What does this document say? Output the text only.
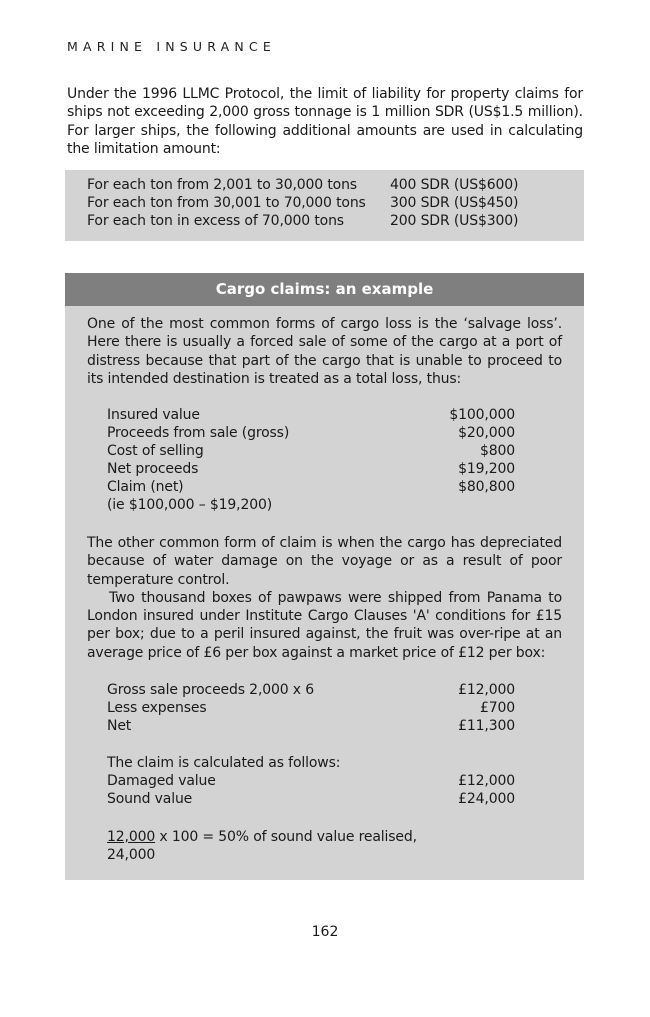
MARINE INSURANCE
Under the 1996 LLMC Protocol, the limit of liability for property claims for ships not exceeding 2,000 gross tonnage is 1 million SDR (US$1.5 million). For larger ships, the following additional amounts are used in calculating the limitation amount:
For each ton from 2,001 to 30,000 tons 400 SDR (US$600)
For each ton from 30,001 to 70,000 tons 300 SDR (US$450)
For each ton in excess of 70,000 tons	200 SDR (US$300)
Cargo claims: an example
One of the most common forms of cargo loss is the ‘salvage loss’. Here there is usually a forced sale of some of the cargo at a port of distress because that part of the cargo that is unable to proceed to its intended destination is treated as a total loss, thus:
Insured value	$100,000
Proceeds from sale (gross)	$20,000
Cost of selling	$800
Net proceeds	$19,200
Claim (net)	$80,800
(ie $100,000 – $19,200)
The other common form of claim is when the cargo has depreciated because of water damage on the voyage or as a result of poor temperature control.
Two thousand boxes of pawpaws were shipped from Panama to London insured under Institute Cargo Clauses 'A' conditions for £15 per box; due to a peril insured against, the fruit was over-ripe at an average price of £6 per box against a market price of £12 per box:
Gross sale proceeds 2,000 x 6	£12,000
Less expenses	£700
Net	£11,300
The claim is calculated as follows:
Damaged value	£12,000
Sound value	£24,000
12,000 x 100 = 50% of sound value realised,
24,000
162
